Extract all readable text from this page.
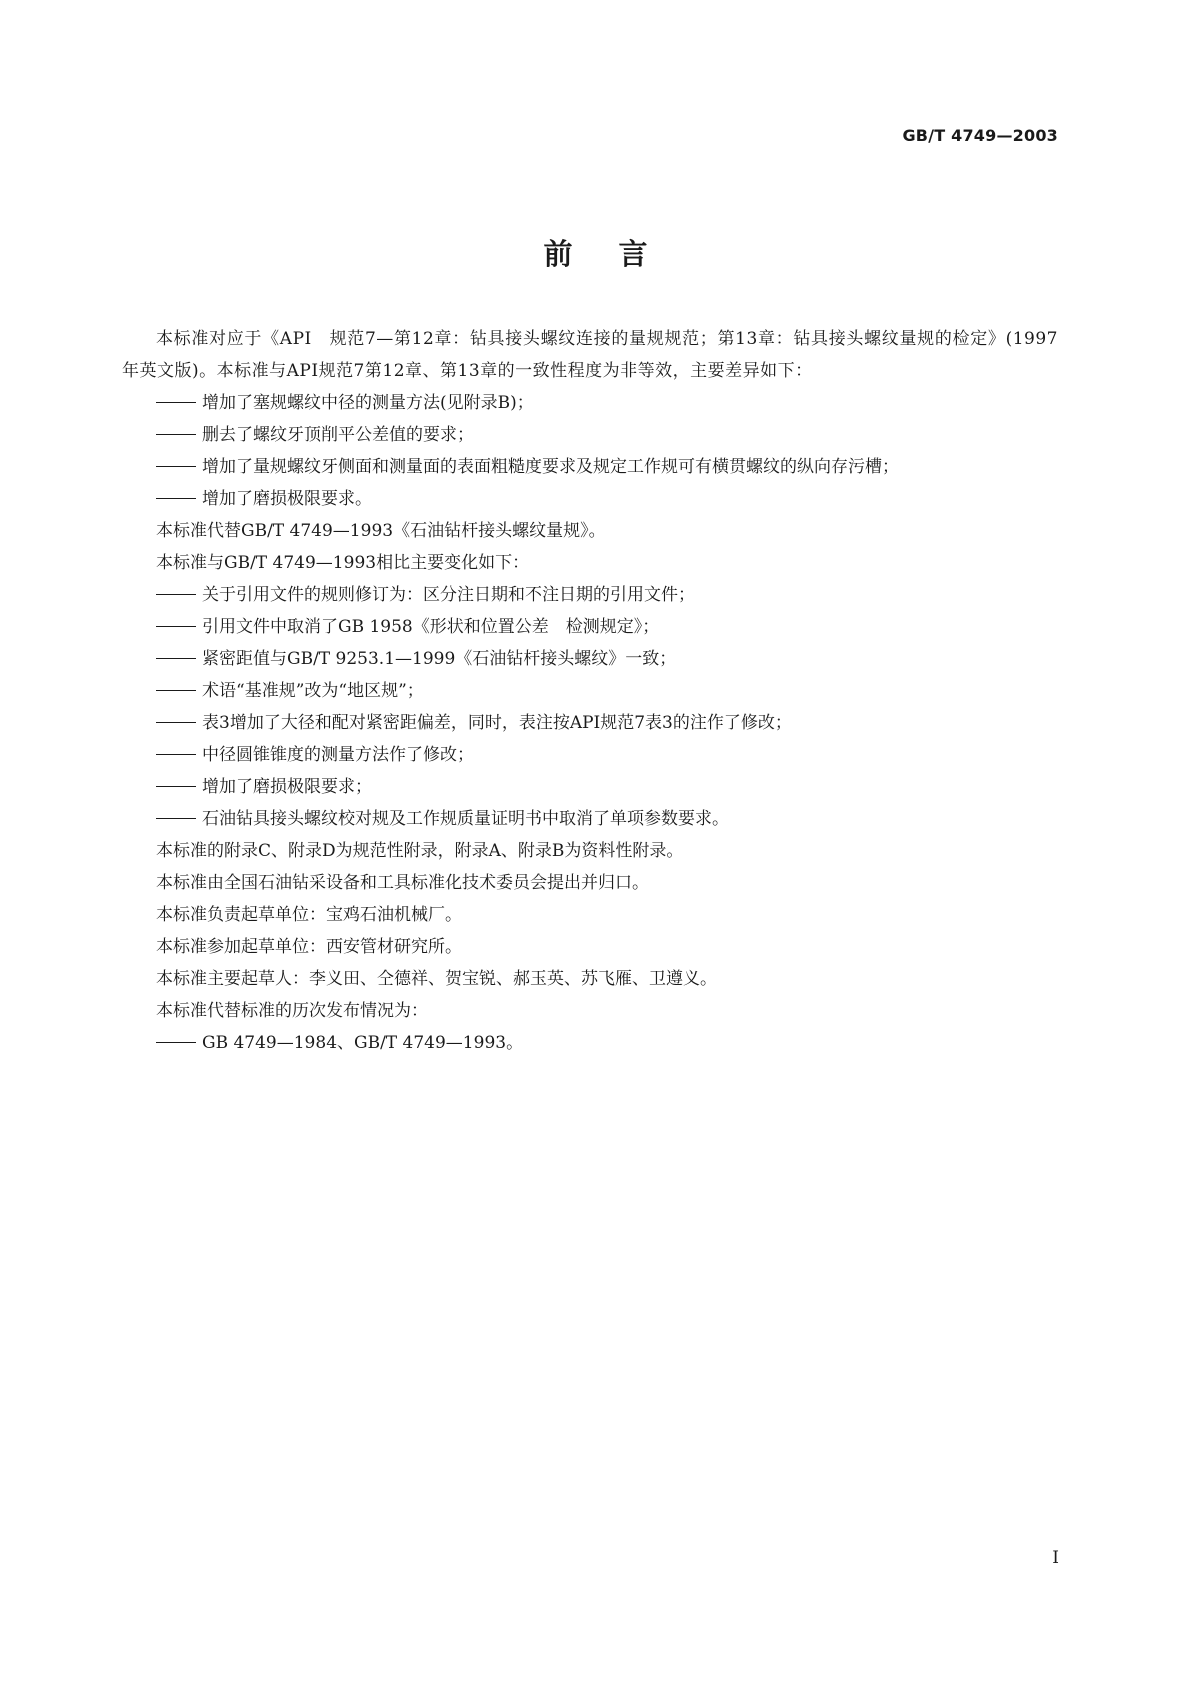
GB/T 4749—2003
前言

本标准对应于《API　规范7—第12章：钻具接头螺纹连接的量规规范；第13章：钻具接头螺纹量规的检定》(1997年英文版)。本标准与API规范7第12章、第13章的一致性程度为非等效，主要差异如下：

增加了塞规螺纹中径的测量方法(见附录B)；

删去了螺纹牙顶削平公差值的要求；

增加了量规螺纹牙侧面和测量面的表面粗糙度要求及规定工作规可有横贯螺纹的纵向存污槽；

增加了磨损极限要求。

本标准代替GB/T 4749—1993《石油钻杆接头螺纹量规》。

本标准与GB/T 4749—1993相比主要变化如下：

关于引用文件的规则修订为：区分注日期和不注日期的引用文件；

引用文件中取消了GB 1958《形状和位置公差　检测规定》；

紧密距值与GB/T 9253.1—1999《石油钻杆接头螺纹》一致；

术语“基准规”改为“地区规”；

表3增加了大径和配对紧密距偏差，同时，表注按API规范7表3的注作了修改；

中径圆锥锥度的测量方法作了修改；

增加了磨损极限要求；

石油钻具接头螺纹校对规及工作规质量证明书中取消了单项参数要求。

本标准的附录C、附录D为规范性附录，附录A、附录B为资料性附录。

本标准由全国石油钻采设备和工具标准化技术委员会提出并归口。

本标准负责起草单位：宝鸡石油机械厂。

本标准参加起草单位：西安管材研究所。

本标准主要起草人：李义田、仝德祥、贺宝锐、郝玉英、苏飞雁、卫遵义。

本标准代替标准的历次发布情况为：

GB 4749—1984、GB/T 4749—1993。

I
